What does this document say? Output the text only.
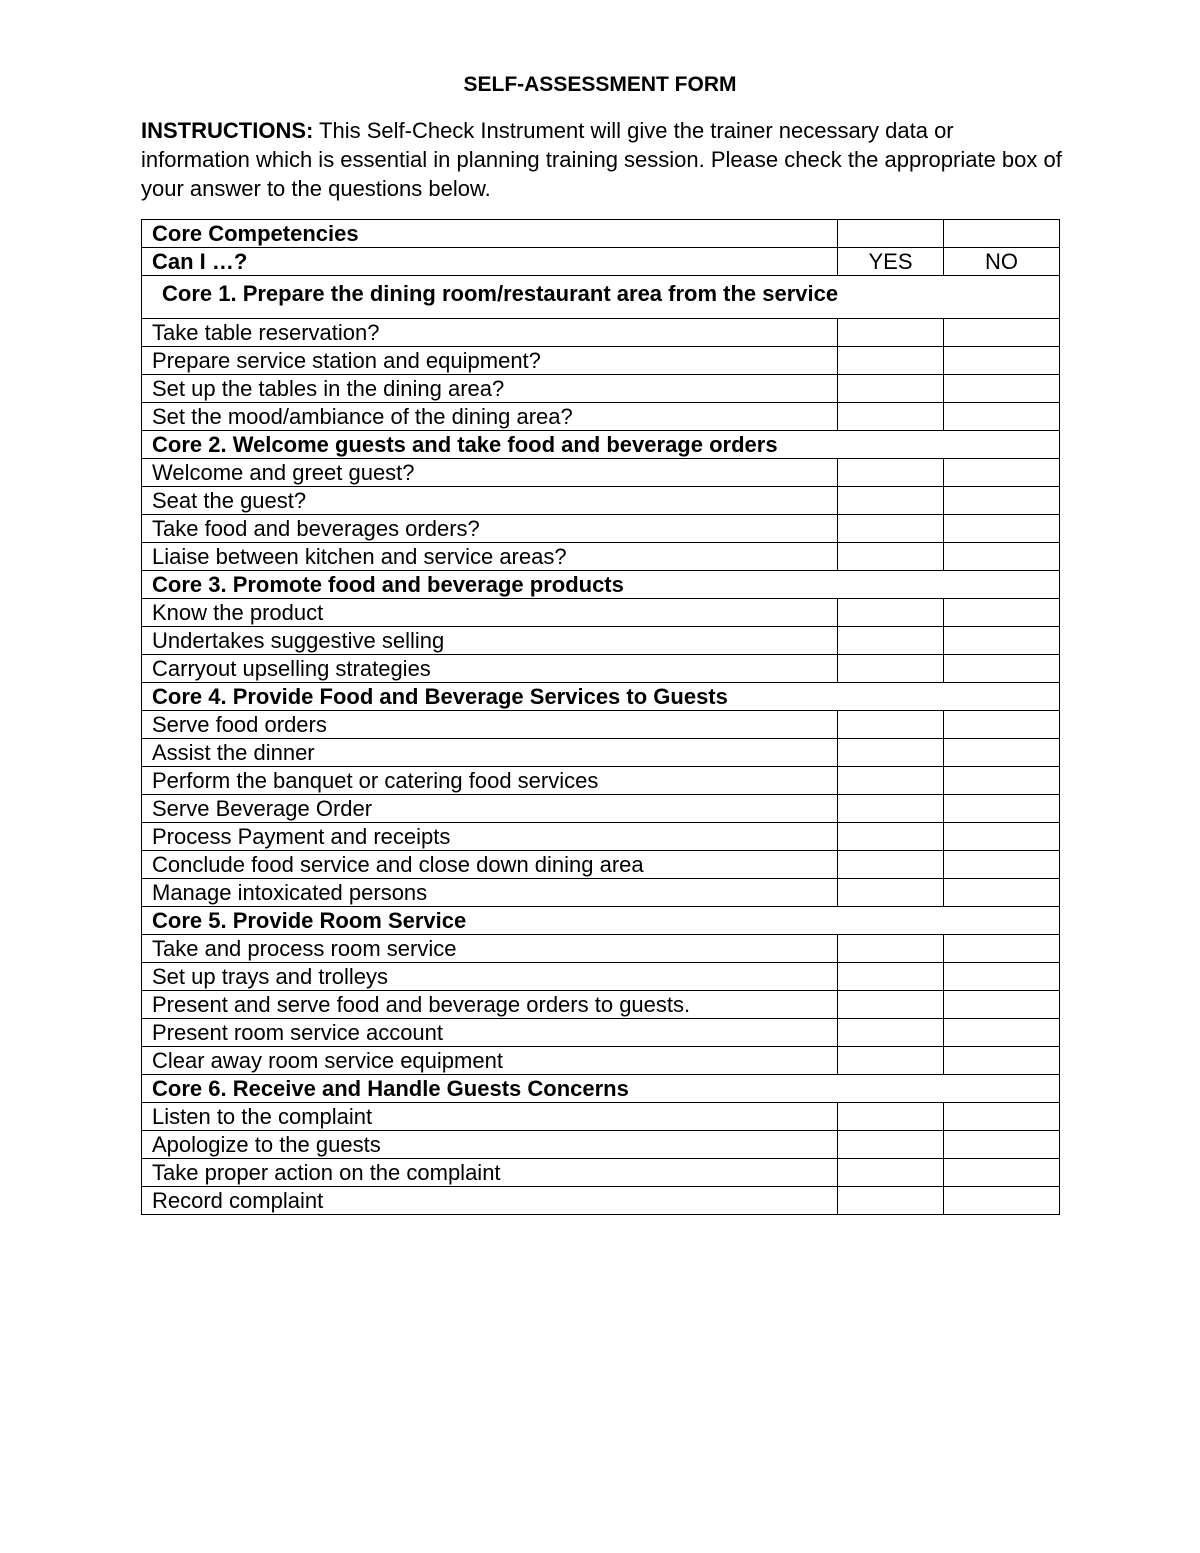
SELF-ASSESSMENT FORM
INSTRUCTIONS: This Self-Check Instrument will give the trainer necessary data or information which is essential in planning training session. Please check the appropriate box of your answer to the questions below.
Core Competencies		
Can I …?	YES	NO
Core 1. Prepare the dining room/restaurant area from the service		
Take table reservation?		
Prepare service station and equipment?		
Set up the tables in the dining area?		
Set the mood/ambiance of the dining area?		
Core 2. Welcome guests and take food and beverage orders		
Welcome and greet guest?		
Seat the guest?		
Take food and beverages orders?		
Liaise between kitchen and service areas?		
Core 3. Promote food and beverage products		
Know the product		
Undertakes suggestive selling		
Carryout upselling strategies		
Core 4. Provide Food and Beverage Services to Guests		
Serve food orders		
Assist the dinner		
Perform the banquet or catering food services		
Serve Beverage Order		
Process Payment and receipts		
Conclude food service and close down dining area		
Manage intoxicated persons		
Core 5. Provide Room Service		
Take and process room service		
Set up trays and trolleys		
Present and serve food and beverage orders to guests.		
Present room service account		
Clear away room service equipment		
Core 6. Receive and Handle Guests Concerns		
Listen to the complaint		
Apologize to the guests		
Take proper action on the complaint		
Record complaint		
